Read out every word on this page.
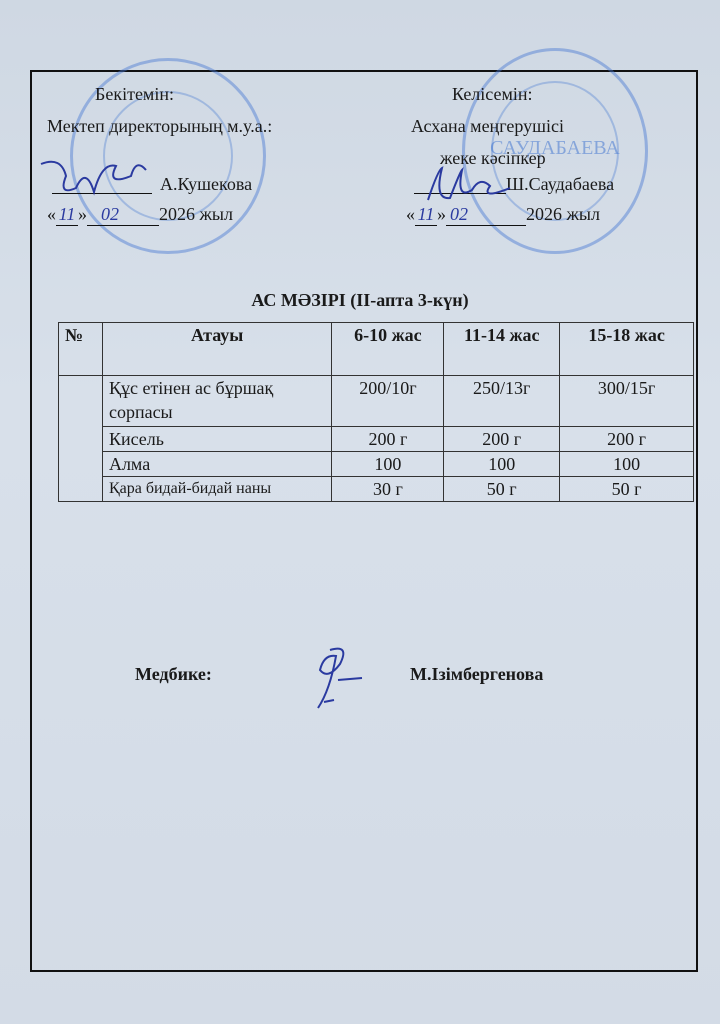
САУДАБАЕВА
Бекітемін:
Мектеп директорының м.у.а.:
А.Кушекова
« 11 » 02 2026 жыл
Келісемін:
Асхана меңгерушісі
жеке кәсіпкер
Ш.Саудабаева
« 11 » 02	2026 жыл
АС МӘЗІРІ (ІІ-апта 3-күн)
№	Атауы	6-10 жас	11-14 жас	15-18 жас
	Құс етінен ас бұршақ сорпасы	200/10г	250/13г	300/15г
	Кисель	200 г	200 г	200 г
	Алма	100	100	100
	Қара бидай-бидай наны	30 г	50 г	50 г
Медбике:	М.Ізімбергенова
